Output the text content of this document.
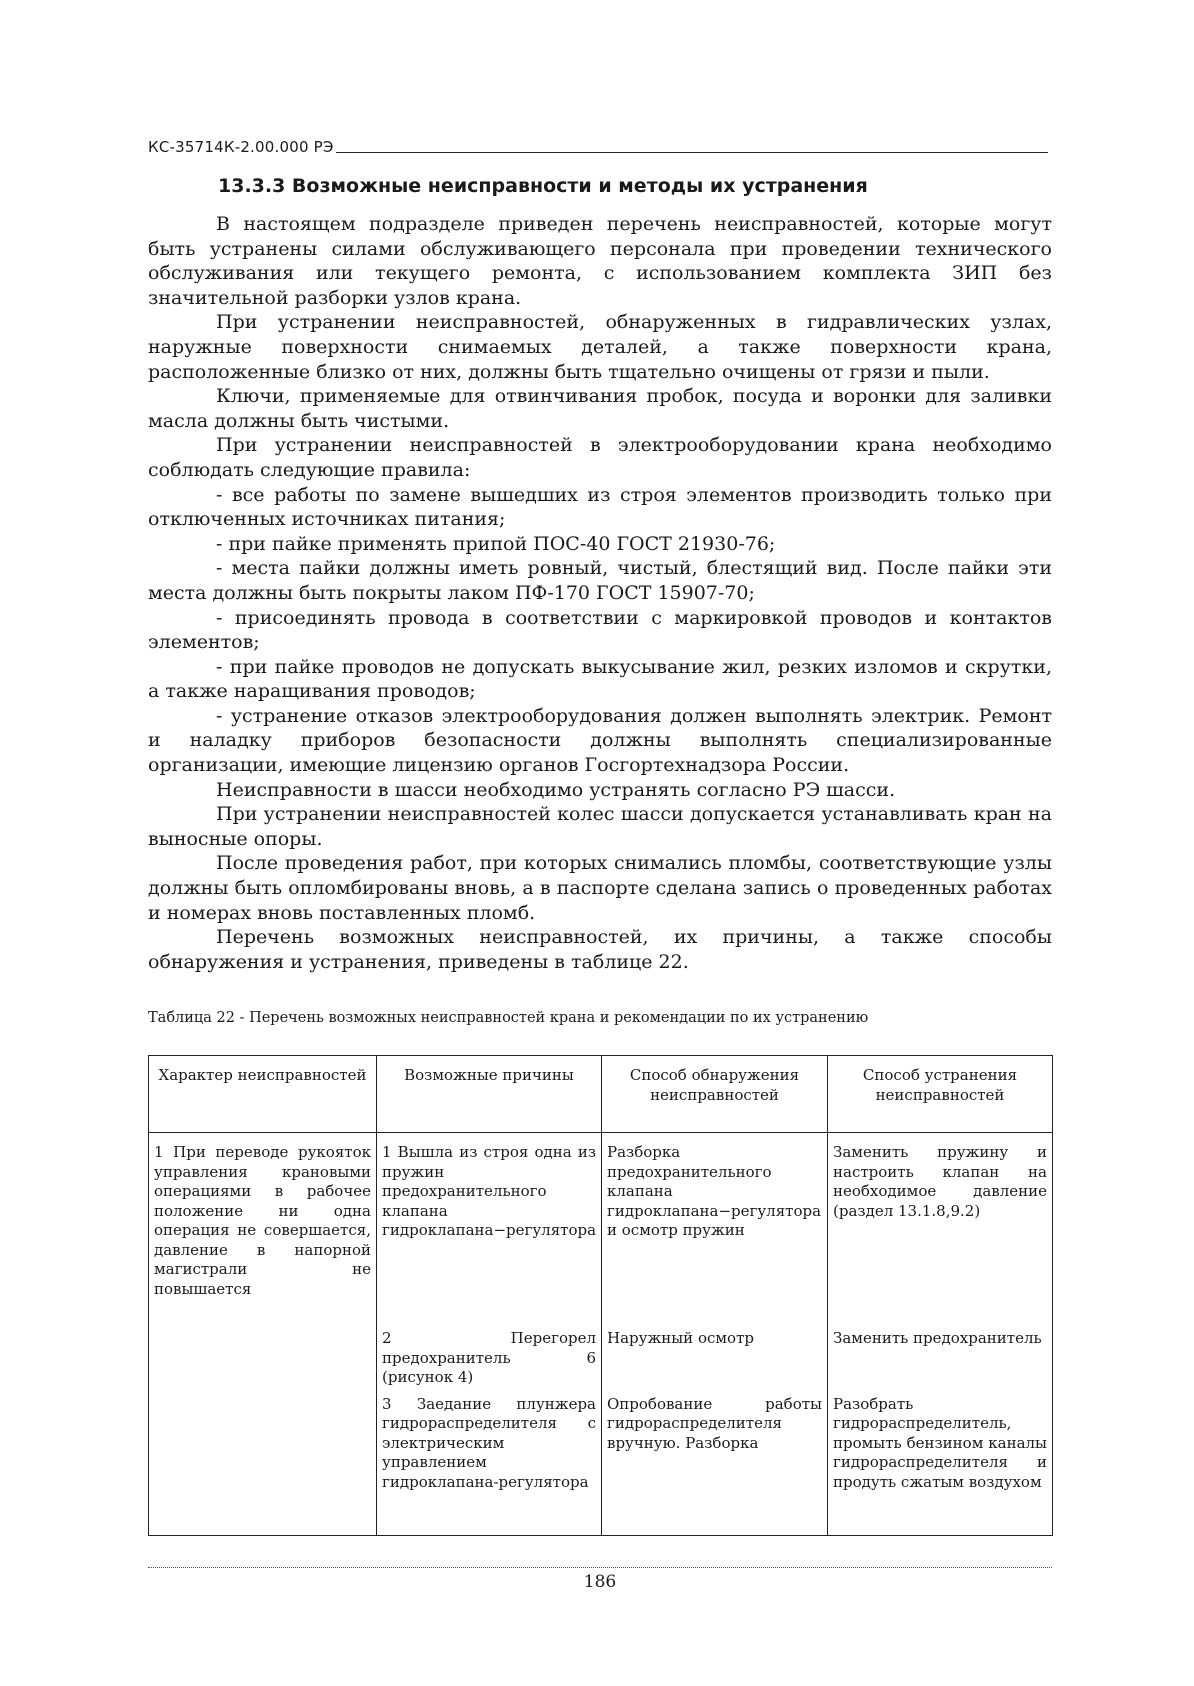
КС-35714К-2.00.000 РЭ
13.3.3 Возможные неисправности и методы их устранения

В настоящем подразделе приведен перечень неисправностей, которые могут быть устранены силами обслуживающего персонала при проведении технического обслуживания или текущего ремонта, с использованием комплекта ЗИП без значительной разборки узлов крана.

При устранении неисправностей, обнаруженных в гидравлических узлах, наружные поверхности снимаемых деталей, а также поверхности крана, расположенные близко от них, должны быть тщательно очищены от грязи и пыли.

Ключи, применяемые для отвинчивания пробок, посуда и воронки для заливки масла должны быть чистыми.

При устранении неисправностей в электрооборудовании крана необходимо соблюдать следующие правила:

- все работы по замене вышедших из строя элементов производить только при отключенных источниках питания;

- при пайке применять припой ПОС-40 ГОСТ 21930-76;

- места пайки должны иметь ровный, чистый, блестящий вид. После пайки эти места должны быть покрыты лаком ПФ-170 ГОСТ 15907-70;

- присоединять провода в соответствии с маркировкой проводов и контактов элементов;

- при пайке проводов не допускать выкусывание жил, резких изломов и скрутки, а также наращивания проводов;

- устранение отказов электрооборудования должен выполнять электрик. Ремонт и наладку приборов безопасности должны выполнять специализированные организации, имеющие лицензию органов Госгортехнадзора России.

Неисправности в шасси необходимо устранять согласно РЭ шасси.

При устранении неисправностей колес шасси допускается устанавливать кран на выносные опоры.

После проведения работ, при которых снимались пломбы, соответствующие узлы должны быть опломбированы вновь, а в паспорте сделана запись о проведенных работах и номерах вновь поставленных пломб.

Перечень возможных неисправностей, их причины, а также способы обнаружения и устранения, приведены в таблице 22.

Таблица 22 - Перечень возможных неисправностей крана и рекомендации по их устранению

Характер неисправностей	Возможные причины	Способ обнаружения неисправностей	Способ устранения неисправностей
1 При переводе рукояток управления крановыми операциями в рабочее положение ни одна операция не совершается, давление в напорной магистрали не повышается	1 Вышла из строя одна из пружин предохранительного клапана гидроклапана−регулятора	Разборка предохранительного клапана гидроклапана−регулятора и осмотр пружин	Заменить пружину и настроить клапан на необходимое давление (раздел 13.1.8,9.2)
	2 Перегорел предохранитель 6 (рисунок 4)	Наружный осмотр	Заменить предохранитель
	3 Заедание плунжера гидрораспределителя с электрическим управлением гидроклапана-регулятора	Опробование работы гидрораспределителя вручную. Разборка	Разобрать гидрораспределитель, промыть бензином каналы гидрораспределителя и продуть сжатым воздухом

186
